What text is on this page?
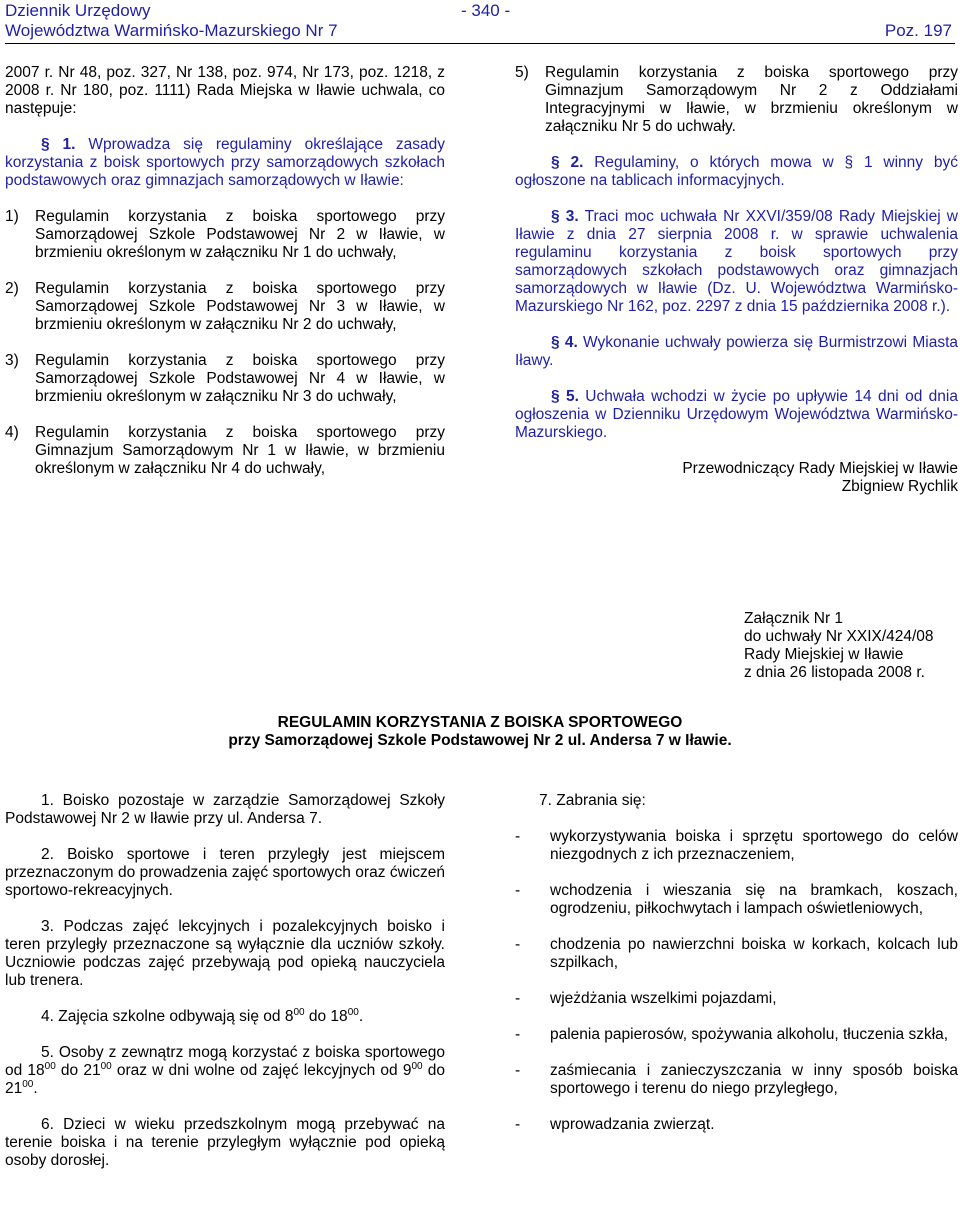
Dziennik Urzędowy
Województwa Warmińsko-Mazurskiego Nr 7
- 340 -
Poz. 197

2007 r. Nr 48, poz. 327, Nr 138, poz. 974, Nr 173, poz. 1218, z 2008 r. Nr 180, poz. 1111) Rada Miejska w Iławie uchwala, co następuje:

§ 1. Wprowadza się regulaminy określające zasady korzystania z boisk sportowych przy samorządowych szkołach podstawowych oraz gimnazjach samorządowych w Iławie:

1) Regulamin korzystania z boiska sportowego przy Samorządowej Szkole Podstawowej Nr 2 w Iławie, w brzmieniu określonym w załączniku Nr 1 do uchwały,
2) Regulamin korzystania z boiska sportowego przy Samorządowej Szkole Podstawowej Nr 3 w Iławie, w brzmieniu określonym w załączniku Nr 2 do uchwały,
3) Regulamin korzystania z boiska sportowego przy Samorządowej Szkole Podstawowej Nr 4 w Iławie, w brzmieniu określonym w załączniku Nr 3 do uchwały,
4) Regulamin korzystania z boiska sportowego przy Gimnazjum Samorządowym Nr 1 w Iławie, w brzmieniu określonym w załączniku Nr 4 do uchwały,
5) Regulamin korzystania z boiska sportowego przy Gimnazjum Samorządowym Nr 2 z Oddziałami Integracyjnymi w Iławie, w brzmieniu określonym w załączniku Nr 5 do uchwały.

§ 2. Regulaminy, o których mowa w § 1 winny być ogłoszone na tablicach informacyjnych.

§ 3. Traci moc uchwała Nr XXVI/359/08 Rady Miejskiej w Iławie z dnia 27 sierpnia 2008 r. w sprawie uchwalenia regulaminu korzystania z boisk sportowych przy samorządowych szkołach podstawowych oraz gimnazjach samorządowych w Iławie (Dz. U. Województwa Warmińsko-Mazurskiego Nr 162, poz. 2297 z dnia 15 października 2008 r.).

§ 4. Wykonanie uchwały powierza się Burmistrzowi Miasta Iławy.

§ 5. Uchwała wchodzi w życie po upływie 14 dni od dnia ogłoszenia w Dzienniku Urzędowym Województwa Warmińsko-Mazurskiego.

Przewodniczący Rady Miejskiej w Iławie

Zbigniew Rychlik

Załącznik Nr 1
do uchwały Nr XXIX/424/08
Rady Miejskiej w Iławie
z dnia 26 listopada 2008 r.
REGULAMIN KORZYSTANIA Z BOISKA SPORTOWEGO
przy Samorządowej Szkole Podstawowej Nr 2 ul. Andersa 7 w Iławie.

1. Boisko pozostaje w zarządzie Samorządowej Szkoły Podstawowej Nr 2 w Iławie przy ul. Andersa 7.

2. Boisko sportowe i teren przyległy jest miejscem przeznaczonym do prowadzenia zajęć sportowych oraz ćwiczeń sportowo-rekreacyjnych.

3. Podczas zajęć lekcyjnych i pozalekcyjnych boisko i teren przyległy przeznaczone są wyłącznie dla uczniów szkoły. Uczniowie podczas zajęć przebywają pod opieką nauczyciela lub trenera.

4. Zajęcia szkolne odbywają się od $8^{00}$ do $18^{00}$.

5. Osoby z zewnątrz mogą korzystać z boiska sportowego od $18^{00}$ do $21^{00}$ oraz w dni wolne od zajęć lekcyjnych od $9^{00}$ do $21^{00}$.

6. Dzieci w wieku przedszkolnym mogą przebywać na terenie boiska i na terenie przyległym wyłącznie pod opieką osoby dorosłej.

7. Zabrania się:

- wykorzystywania boiska i sprzętu sportowego do celów niezgodnych z ich przeznaczeniem,
- wchodzenia i wieszania się na bramkach, koszach, ogrodzeniu, piłkochwytach i lampach oświetleniowych,
- chodzenia po nawierzchni boiska w korkach, kolcach lub szpilkach,
- wjeżdżania wszelkimi pojazdami,
- palenia papierosów, spożywania alkoholu, tłuczenia szkła,
- zaśmiecania i zanieczyszczania w inny sposób boiska sportowego i terenu do niego przyległego,
- wprowadzania zwierząt.
